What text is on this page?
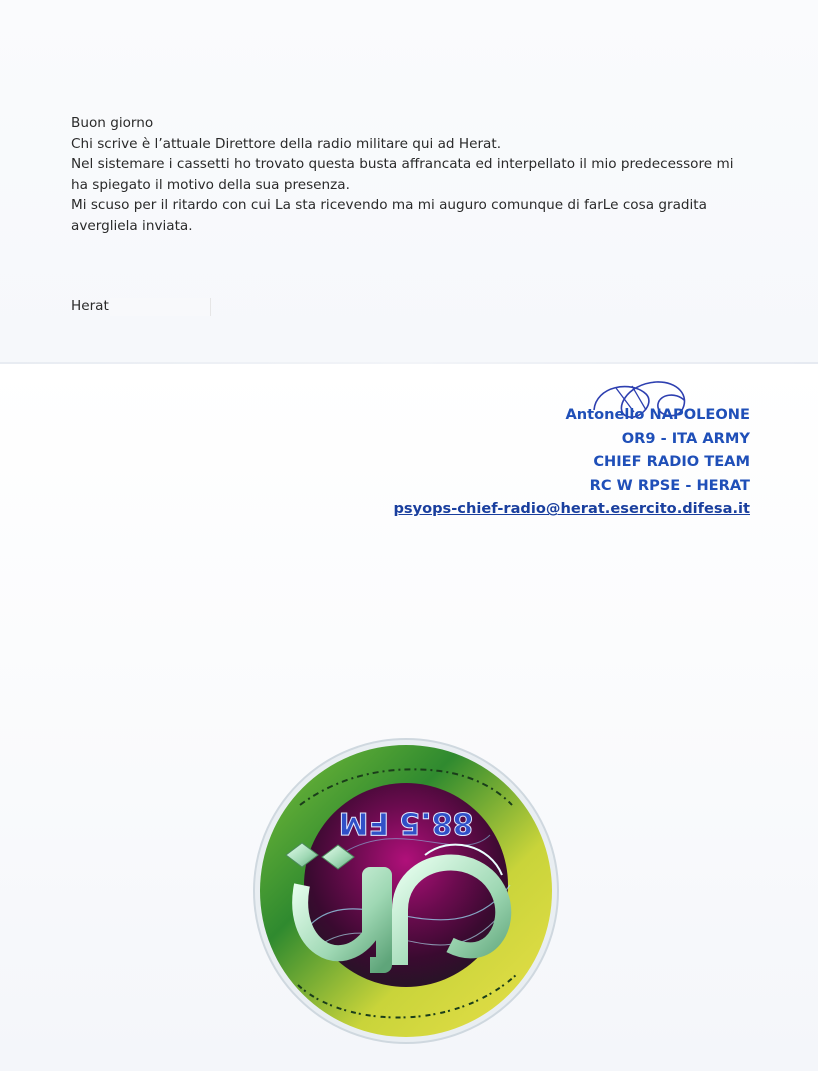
Buon giorno
Chi scrive è l’attuale Direttore della radio militare qui ad Herat.
Nel sistemare i cassetti ho trovato questa busta affrancata ed interpellato il mio predecessore mi
ha spiegato il motivo della sua presenza.
Mi scuso per il ritardo con cui La sta ricevendo ma mi auguro comunque di farLe cosa gradita
avergliela inviata.
Herat
Antonello NAPOLEONE
OR9 - ITA ARMY
CHIEF RADIO TEAM
RC W RPSE - HERAT
psyops-chief-radio@herat.esercito.difesa.it
88.5 FM
